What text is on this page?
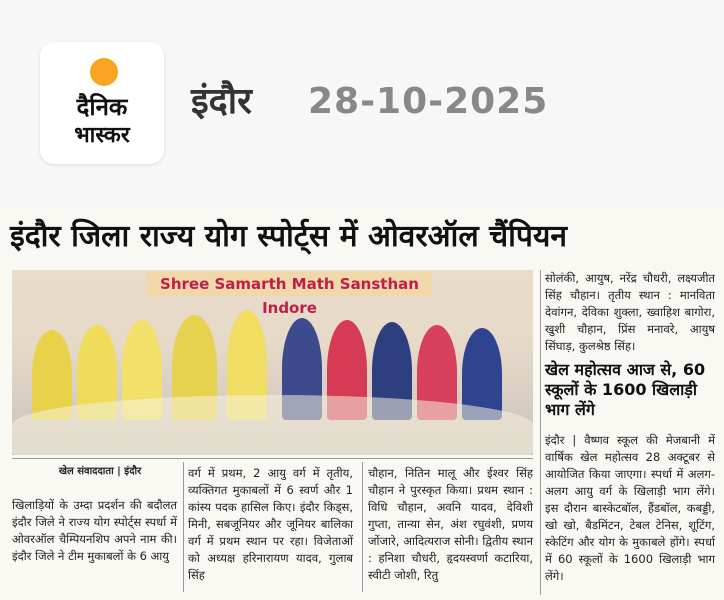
दैनिक
भास्कर
इंदौर 28-10-2025
इंदौर जिला राज्य योग स्पोर्ट्स में ओवरऑल चैंपियन
Shree Samarth Math Sansthan Indore
खेल संवाददाता | इंदौर
खिलाड़ियों के उम्दा प्रदर्शन की बदौलत इंदौर जिले ने राज्य योग स्पोर्ट्स स्पर्धा में ओवरऑल चैम्पियनशिप अपने नाम की। इंदौर जिले ने टीम मुकाबलों के 6 आयु
वर्ग में प्रथम, 2 आयु वर्ग में तृतीय, व्यक्तिगत मुकाबलों में 6 स्वर्ण और 1 कांस्य पदक हासिल किए। इंदौर किड्स, मिनी, सबजूनियर और जूनियर बालिका वर्ग में प्रथम स्थान पर रहा। विजेताओं को अध्यक्ष हरिनारायण यादव, गुलाब सिंह
चौहान, नितिन मालू और ईश्वर सिंह चौहान ने पुरस्कृत किया। प्रथम स्थान : विधि चौहान, अवनि यादव, देविशी गुप्ता, तान्या सेन, अंश रघुवंशी, प्रणय जोंजारे, आदित्यराज सोनी। द्वितीय स्थान : हनिशा चौधरी, हृदयस्वर्णा कटारिया, स्वीटी जोशी, रितु
सोलंकी, आयुष, नरेंद्र चौधरी, लक्ष्यजीत सिंह चौहान। तृतीय स्थान : मानविता देवांगन, देविका शुक्ला, ख्वाहिश बागोरा, खुशी चौहान, प्रिंस मनावरे, आयुष सिंघाड़, कुलश्रेष्ठ सिंह।
खेल महोत्सव आज से, 60 स्कूलों के 1600 खिलाड़ी भाग लेंगे
इंदौर | वैष्णव स्कूल की मेजबानी में वार्षिक खेल महोत्सव 28 अक्टूबर से आयोजित किया जाएगा। स्पर्धा में अलग-अलग आयु वर्ग के खिलाड़ी भाग लेंगे। इस दौरान बास्केटबॉल, हैंडबॉल, कबड्डी, खो खो, बैडमिंटन, टेबल टेनिस, शूटिंग, स्केटिंग और योग के मुकाबले होंगे। स्पर्धा में 60 स्कूलों के 1600 खिलाड़ी भाग लेंगे।
